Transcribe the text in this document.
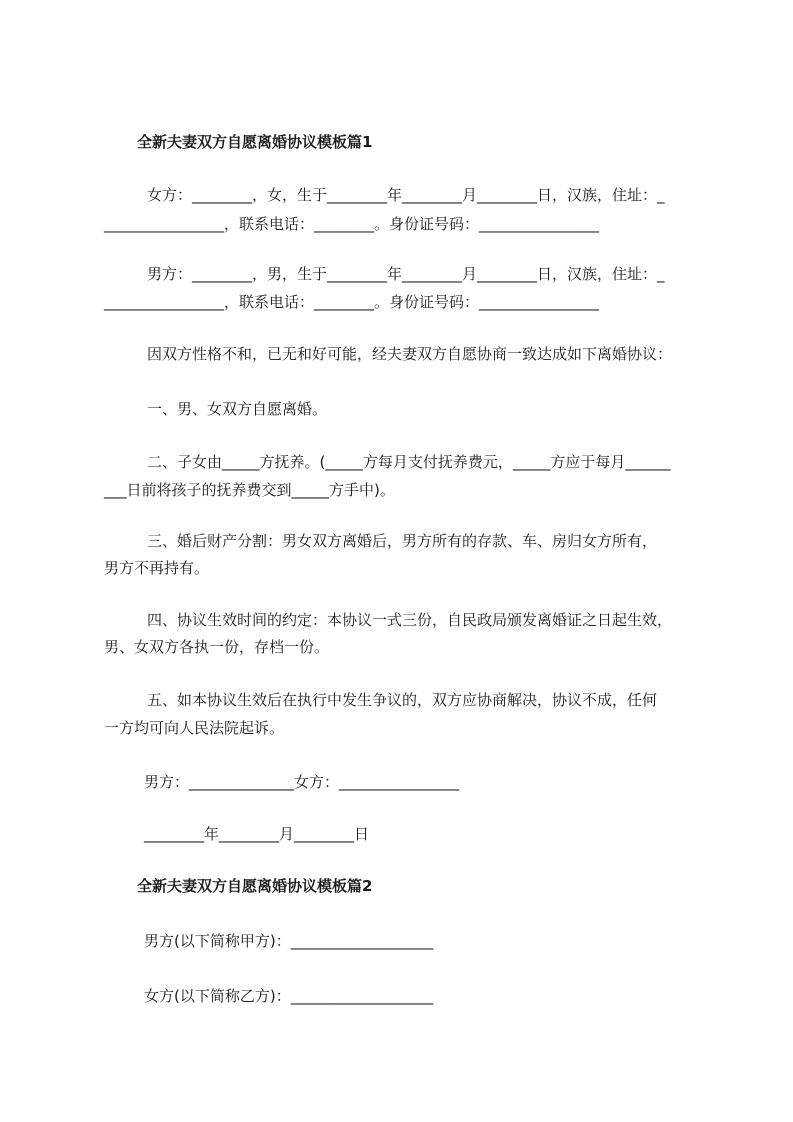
全新夫妻双方自愿离婚协议模板篇1
女方：________，女，生于________年________月________日，汉族，住址：_
________________，联系电话：________。身份证号码：________________
男方：________，男，生于________年________月________日，汉族，住址：_
________________，联系电话：________。身份证号码：________________
因双方性格不和，已无和好可能，经夫妻双方自愿协商一致达成如下离婚协议：
一、男、女双方自愿离婚。
二、子女由_____方抚养。(_____方每月支付抚养费元，_____方应于每月______
___日前将孩子的抚养费交到_____方手中)。
三、婚后财产分割：男女双方离婚后，男方所有的存款、车、房归女方所有，
男方不再持有。
四、协议生效时间的约定：本协议一式三份，自民政局颁发离婚证之日起生效，
男、女双方各执一份，存档一份。
五、如本协议生效后在执行中发生争议的，双方应协商解决，协议不成，任何
一方均可向人民法院起诉。
男方：______________女方：________________
________年________月________日
全新夫妻双方自愿离婚协议模板篇2
男方(以下简称甲方)：___________________
女方(以下简称乙方)：___________________
